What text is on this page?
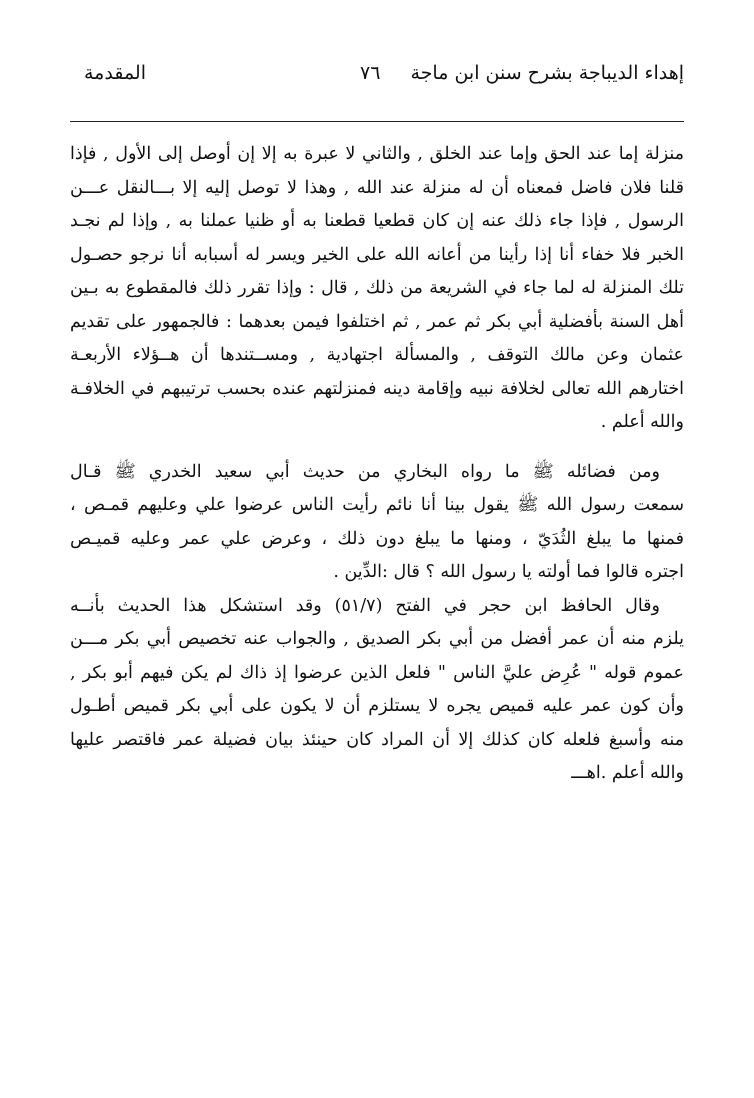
إهداء الديباجة بشرح سنن ابن ماجة
٧٦
المقدمة

منزلة إما عند الحق وإما عند الخلق , والثاني لا عبرة به إلا إن أوصل إلى الأول , فإذا
قلنا فلان فاضل فمعناه أن له منزلة عند الله , وهذا لا توصل إليه إلا بـــالنقل عـــن
الرسول , فإذا جاء ذلك عنه إن كان قطعيا قطعنا به أو ظنيا عملنا به , وإذا لم نجـد
الخبر فلا خفاء أنا إذا رأينا من أعانه الله على الخير ويسر له أسبابه أنا نرجو حصـول
تلك المنزلة له لما جاء في الشريعة من ذلك , قال : وإذا تقرر ذلك فالمقطوع به بـين
أهل السنة بأفضلية أبي بكر ثم عمر , ثم اختلفوا فيمن بعدهما : فالجمهور على تقديم
عثمان وعن مالك التوقف , والمسألة اجتهادية , ومســتندها أن هــؤلاء الأربعـة
اختارهم الله تعالى لخلافة نبيه وإقامة دينه فمنزلتهم عنده بحسب ترتيبهم في الخلافـة
والله أعلم .

ومن فضائله ﷺ ما رواه البخاري من حديث أبي سعيد الخدري ﷺ قـال
سمعت رسول الله ﷺ يقول بينا أنا نائم رأيت الناس عرضوا علي وعليهم قمـص ،
فمنها ما يبلغ الثُدَيّ ، ومنها ما يبلغ دون ذلك ، وعرض علي عمر وعليه قميـص
اجتره قالوا فما أولته يا رسول الله ؟ قال :الدِّين .

وقال الحافظ ابن حجر في الفتح (٥١/٧) وقد استشكل هذا الحديث بأنــه
يلزم منه أن عمر أفضل من أبي بكر الصديق , والجواب عنه تخصيص أبي بكر مـــن
عموم قوله " عُرِض عليَّ الناس " فلعل الذين عرضوا إذ ذاك لم يكن فيهم أبو بكر ,
وأن كون عمر عليه قميص يجره لا يستلزم أن لا يكون على أبي بكر قميص أطـول
منه وأسبغ فلعله كان كذلك إلا أن المراد كان حينئذ بيان فضيلة عمر فاقتصر عليها
والله أعلم .اهـــ
